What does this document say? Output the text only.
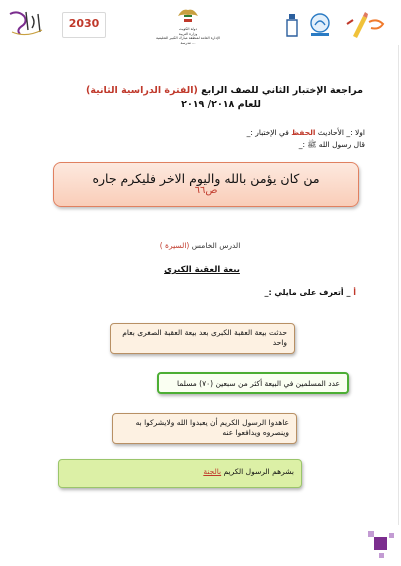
2030	دولة الكويت
وزارة التربية
الإدارة العامة لمنطقة مبارك الكبير التعليمية
مدرسة ...
مراجعة الإختبار الثاني للصف الرابع (الفترة الدراسية الثانية)
للعام ٢٠١٨/ ٢٠١٩
اولا :_ الأحاديث الحفظ في الإختبار :_
قال رسول الله ﷺ :_
من كان يؤمن بالله واليوم الاخر فليكرم جاره
ص٦٦
الدرس الخامس (السيرة )
بيعة العقبة الكبرى
أ _ أتعرف على مايلي :_
حدثت بيعة العقبة الكبرى بعد بيعة العقبة الصغرى بعام واحد
عدد المسلمين في البيعة أكثر من سبعين (٧٠) مسلما
عاهدوا الرسول الكريم أن يعبدوا الله ولايشركوا به وينصروه ويدافعوا عنه
بشرهم الرسول الكريم بالجنة
